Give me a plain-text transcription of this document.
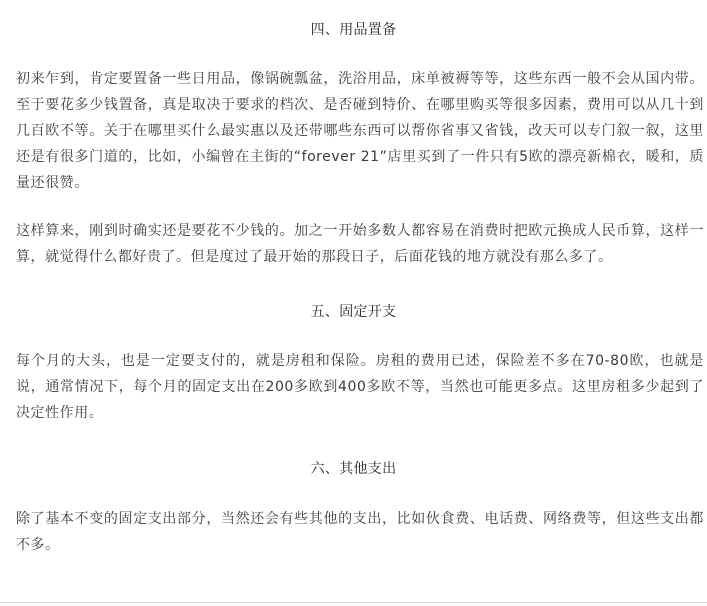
四、用品置备

初来乍到，肯定要置备一些日用品，像锅碗瓢盆，洗浴用品，床单被褥等等，这些东西一般不会从国内带。至于要花多少钱置备，真是取决于要求的档次、是否碰到特价、在哪里购买等很多因素，费用可以从几十到几百欧不等。关于在哪里买什么最实惠以及还带哪些东西可以帮你省事又省钱，改天可以专门叙一叙，这里还是有很多门道的，比如，小编曾在主街的“forever 21”店里买到了一件只有5欧的漂亮新棉衣，暖和，质量还很赞。

这样算来，刚到时确实还是要花不少钱的。加之一开始多数人都容易在消费时把欧元换成人民币算，这样一算，就觉得什么都好贵了。但是度过了最开始的那段日子，后面花钱的地方就没有那么多了。

五、固定开支

每个月的大头，也是一定要支付的，就是房租和保险。房租的费用已述，保险差不多在70-80欧，也就是说，通常情况下，每个月的固定支出在200多欧到400多欧不等，当然也可能更多点。这里房租多少起到了决定性作用。

六、其他支出

除了基本不变的固定支出部分，当然还会有些其他的支出，比如伙食费、电话费、网络费等，但这些支出都不多。
